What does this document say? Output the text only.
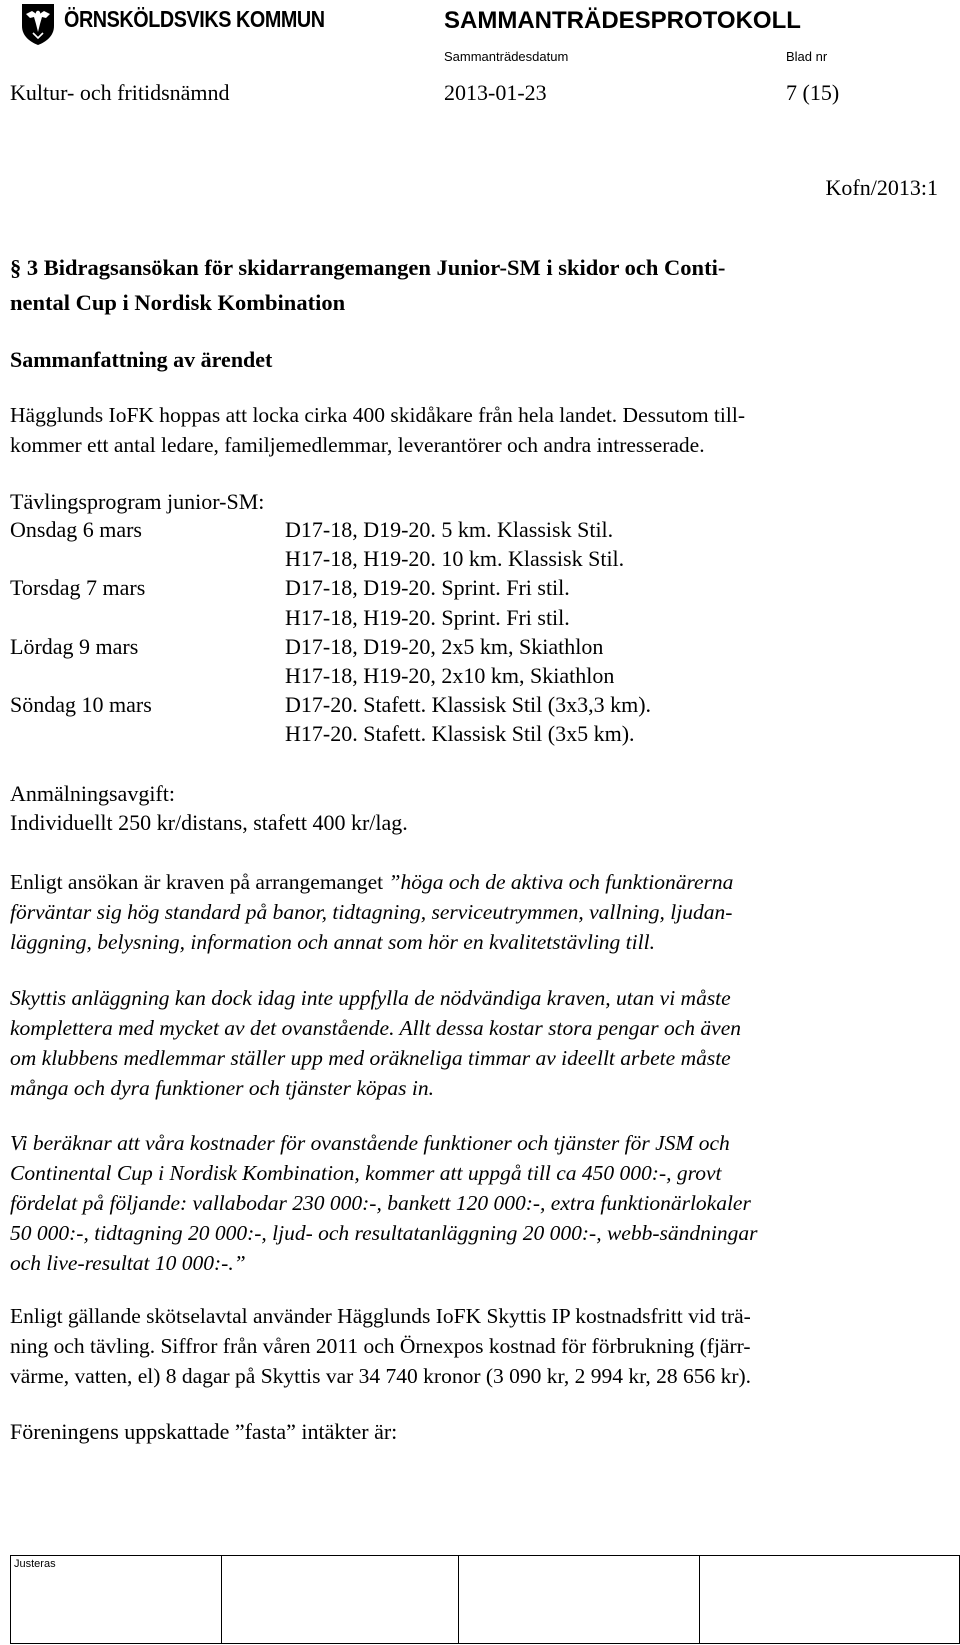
ÖRNSKÖLDSVIKS KOMMUN	SAMMANTRÄDESPROTOKOLL
Sammanträdesdatum	Blad nr
Kultur- och fritidsnämnd	2013-01-23	7 (15)
Kofn/2013:1
§ 3 Bidragsansökan för skidarrangemangen Junior-SM i skidor och Conti-
nental Cup i Nordisk Kombination
Sammanfattning av ärendet
Hägglunds IoFK hoppas att locka cirka 400 skidåkare från hela landet. Dessutom till-
kommer ett antal ledare, familjemedlemmar, leverantörer och andra intresserade.
Tävlingsprogram junior-SM:
Onsdag 6 mars	D17-18, D19-20. 5 km. Klassisk Stil.
H17-18, H19-20. 10 km. Klassisk Stil.
Torsdag 7 mars	D17-18, D19-20. Sprint. Fri stil.
H17-18, H19-20. Sprint. Fri stil.
Lördag 9 mars	D17-18, D19-20, 2x5 km, Skiathlon
H17-18, H19-20, 2x10 km, Skiathlon
Söndag 10 mars	D17-20. Stafett. Klassisk Stil (3x3,3 km).
H17-20. Stafett. Klassisk Stil (3x5 km).
Anmälningsavgift:
Individuellt 250 kr/distans, stafett 400 kr/lag.
Enligt ansökan är kraven på arrangemanget ”höga och de aktiva och funktionärerna
förväntar sig hög standard på banor, tidtagning, serviceutrymmen, vallning, ljudan-
läggning, belysning, information och annat som hör en kvalitetstävling till.
Skyttis anläggning kan dock idag inte uppfylla de nödvändiga kraven, utan vi måste
komplettera med mycket av det ovanstående. Allt dessa kostar stora pengar och även
om klubbens medlemmar ställer upp med oräkneliga timmar av ideellt arbete måste
många och dyra funktioner och tjänster köpas in.
Vi beräknar att våra kostnader för ovanstående funktioner och tjänster för JSM och
Continental Cup i Nordisk Kombination, kommer att uppgå till ca 450 000:-, grovt
fördelat på följande: vallabodar 230 000:-, bankett 120 000:-, extra funktionärlokaler
50 000:-, tidtagning 20 000:-, ljud- och resultatanläggning 20 000:-, webb-sändningar
och live-resultat 10 000:-.”
Enligt gällande skötselavtal använder Hägglunds IoFK Skyttis IP kostnadsfritt vid trä-
ning och tävling. Siffror från våren 2011 och Örnexpos kostnad för förbrukning (fjärr-
värme, vatten, el) 8 dagar på Skyttis var 34 740 kronor (3 090 kr, 2 994 kr, 28 656 kr).
Föreningens uppskattade ”fasta” intäkter är:
Justeras
